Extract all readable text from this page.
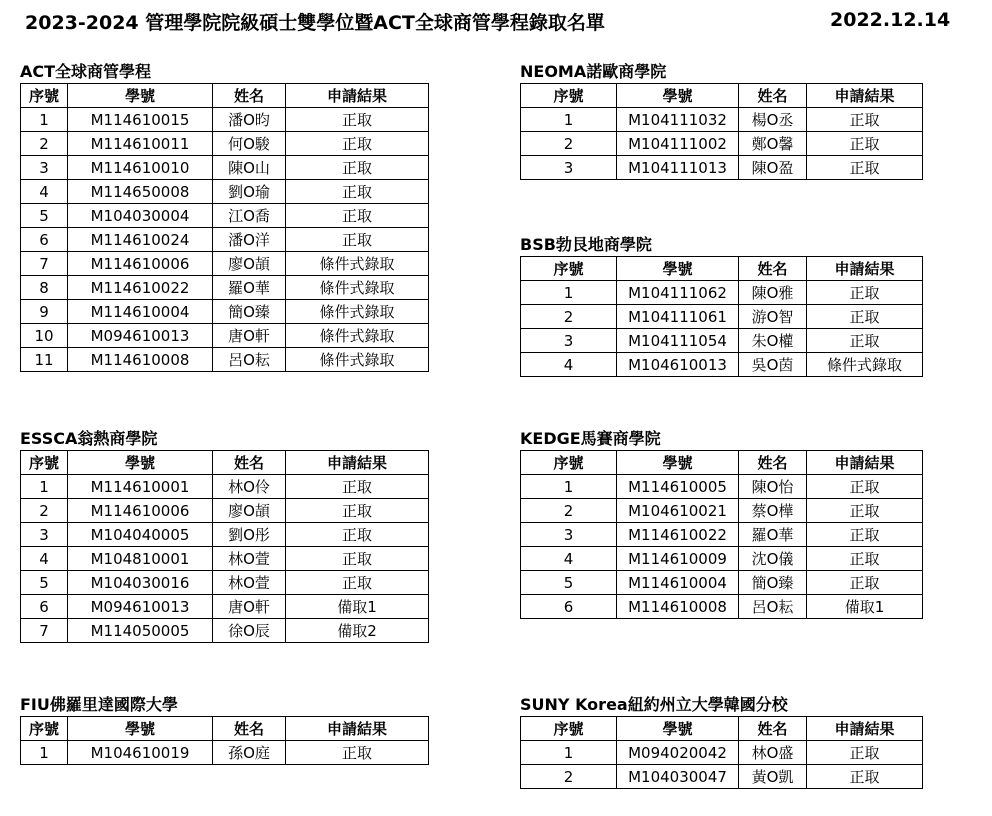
2023-2024 管理學院院級碩士雙學位暨ACT全球商管學程錄取名單	2022.12.14
ACT全球商管學程
序號	學號	姓名	申請結果
1	M114610015	潘O昀	正取
2	M114610011	何O駿	正取
3	M114610010	陳O山	正取
4	M114650008	劉O瑜	正取
5	M104030004	江O喬	正取
6	M114610024	潘O洋	正取
7	M114610006	廖O頡	條件式錄取
8	M114610022	羅O華	條件式錄取
9	M114610004	簡O臻	條件式錄取
10	M094610013	唐O軒	條件式錄取
11	M114610008	呂O耘	條件式錄取
NEOMA諾歐商學院
序號	學號	姓名	申請結果
1	M104111032	楊O丞	正取
2	M104111002	鄭O馨	正取
3	M104111013	陳O盈	正取
BSB勃艮地商學院
序號	學號	姓名	申請結果
1	M104111062	陳O雅	正取
2	M104111061	游O智	正取
3	M104111054	朱O權	正取
4	M104610013	吳O茵	條件式錄取
ESSCA翁熱商學院
序號	學號	姓名	申請結果
1	M114610001	林O伶	正取
2	M114610006	廖O頡	正取
3	M104040005	劉O彤	正取
4	M104810001	林O萱	正取
5	M104030016	林O萱	正取
6	M094610013	唐O軒	備取1
7	M114050005	徐O辰	備取2
KEDGE馬賽商學院
序號	學號	姓名	申請結果
1	M114610005	陳O怡	正取
2	M104610021	蔡O樺	正取
3	M114610022	羅O華	正取
4	M114610009	沈O儀	正取
5	M114610004	簡O臻	正取
6	M114610008	呂O耘	備取1
FIU佛羅里達國際大學
序號	學號	姓名	申請結果
1	M104610019	孫O庭	正取
SUNY Korea紐約州立大學韓國分校
序號	學號	姓名	申請結果
1	M094020042	林O盛	正取
2	M104030047	黃O凱	正取
